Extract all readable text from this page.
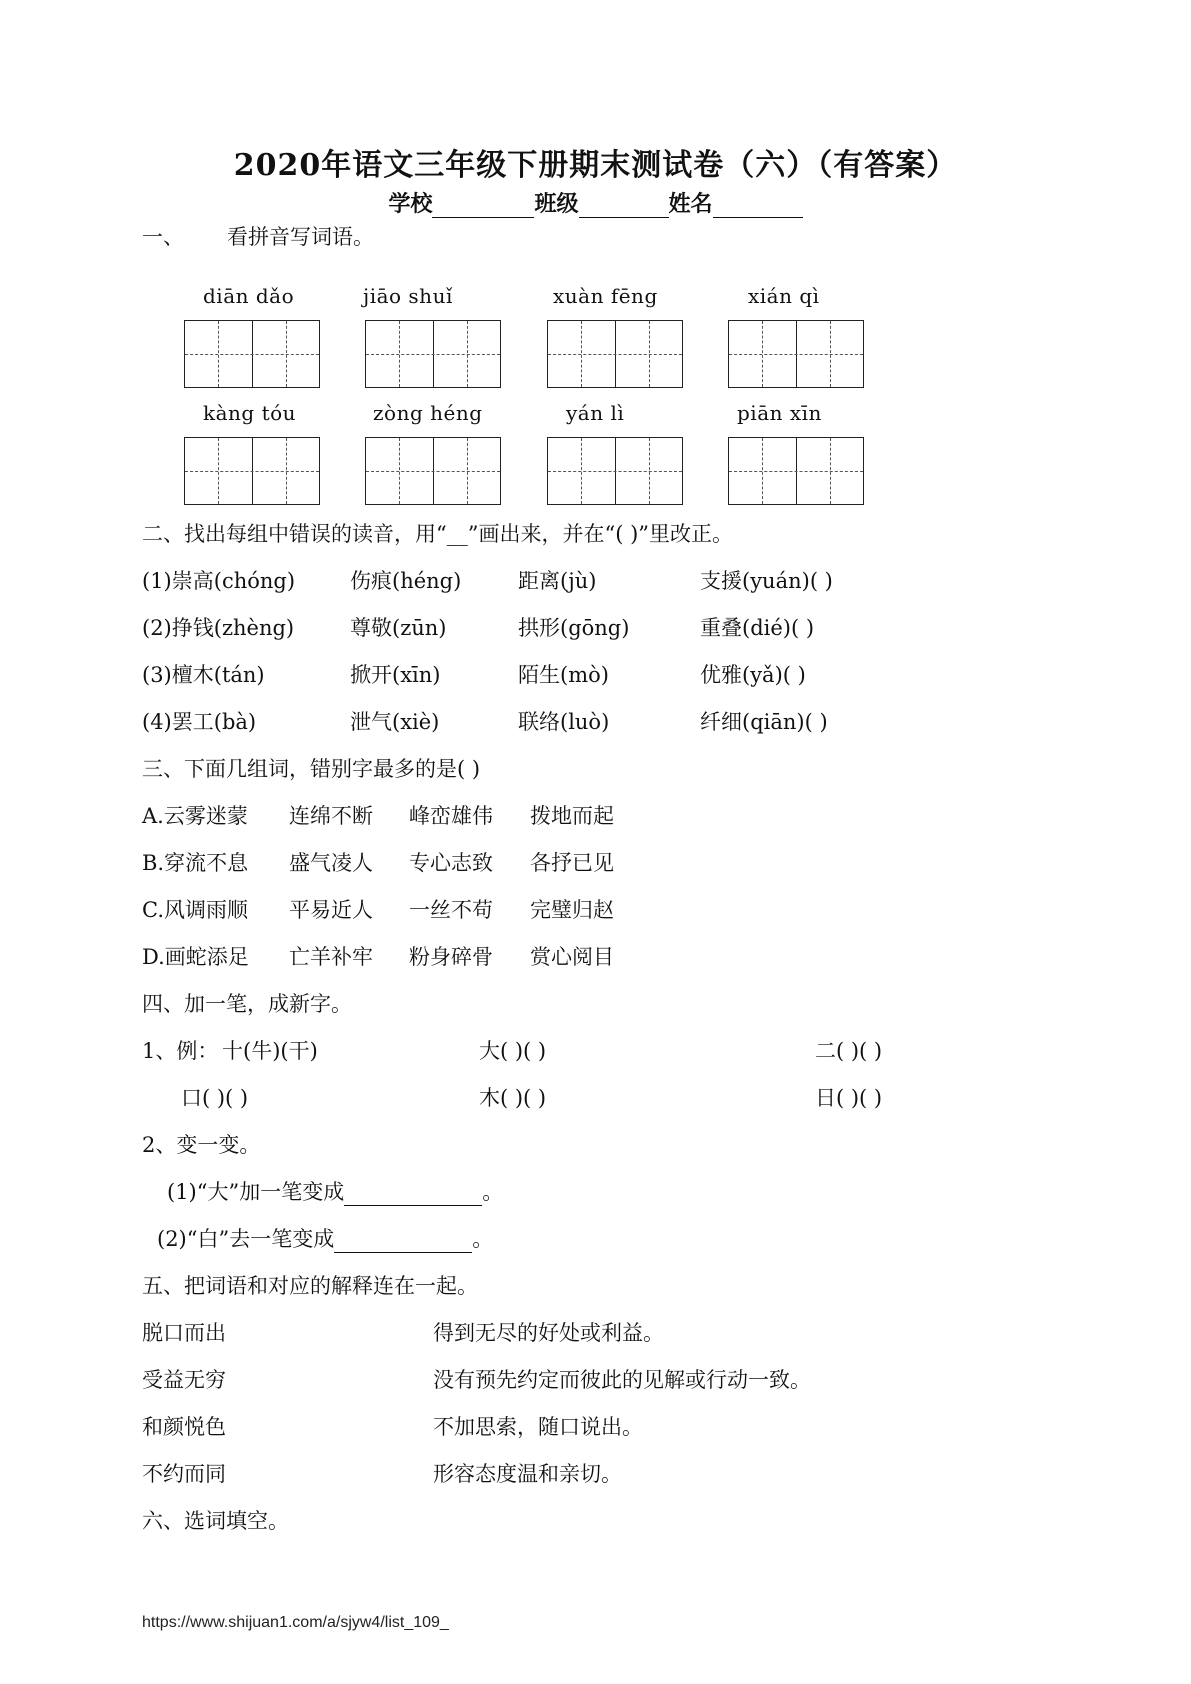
2020年语文三年级下册期末测试卷（六）（有答案）
学校	班级	姓名
一、 看拼音写词语。
diān dǎo	jiāo shuǐ	xuàn fēng	xián qì
kàng tóu	zòng héng	yán lì	piān xīn
二、找出每组中错误的读音，用“__”画出来，并在“( )”里改正。
(1)崇高(chóng)	伤痕(héng)	距离(jù)	支援(yuán)( )
(2)挣钱(zhèng)	尊敬(zūn)	拱形(gōng)	重叠(dié)( )
(3)檀木(tán)	掀开(xīn)	陌生(mò)	优雅(yǎ)( )
(4)罢工(bà)	泄气(xiè)	联络(luò)	纤细(qiān)( )
三、下面几组词，错别字最多的是( )
A.云雾迷蒙 连绵不断 峰峦雄伟 拨地而起
B.穿流不息 盛气凌人 专心志致 各抒已见
C.风调雨顺 平易近人 一丝不苟 完璧归赵
D.画蛇添足 亡羊补牢 粉身碎骨 赏心阅目
四、加一笔，成新字。
1、例： 十(牛)(干)	大( )( )	二( )( )
口( )( )	木( )( )	日( )( )
2、变一变。
(1)“大”加一笔变成	。
(2)“白”去一笔变成	。
五、把词语和对应的解释连在一起。
脱口而出	得到无尽的好处或利益。
受益无穷	没有预先约定而彼此的见解或行动一致。
和颜悦色	不加思索，随口说出。
不约而同	形容态度温和亲切。
六、选词填空。
https://www.shijuan1.com/a/sjyw4/list_109_
